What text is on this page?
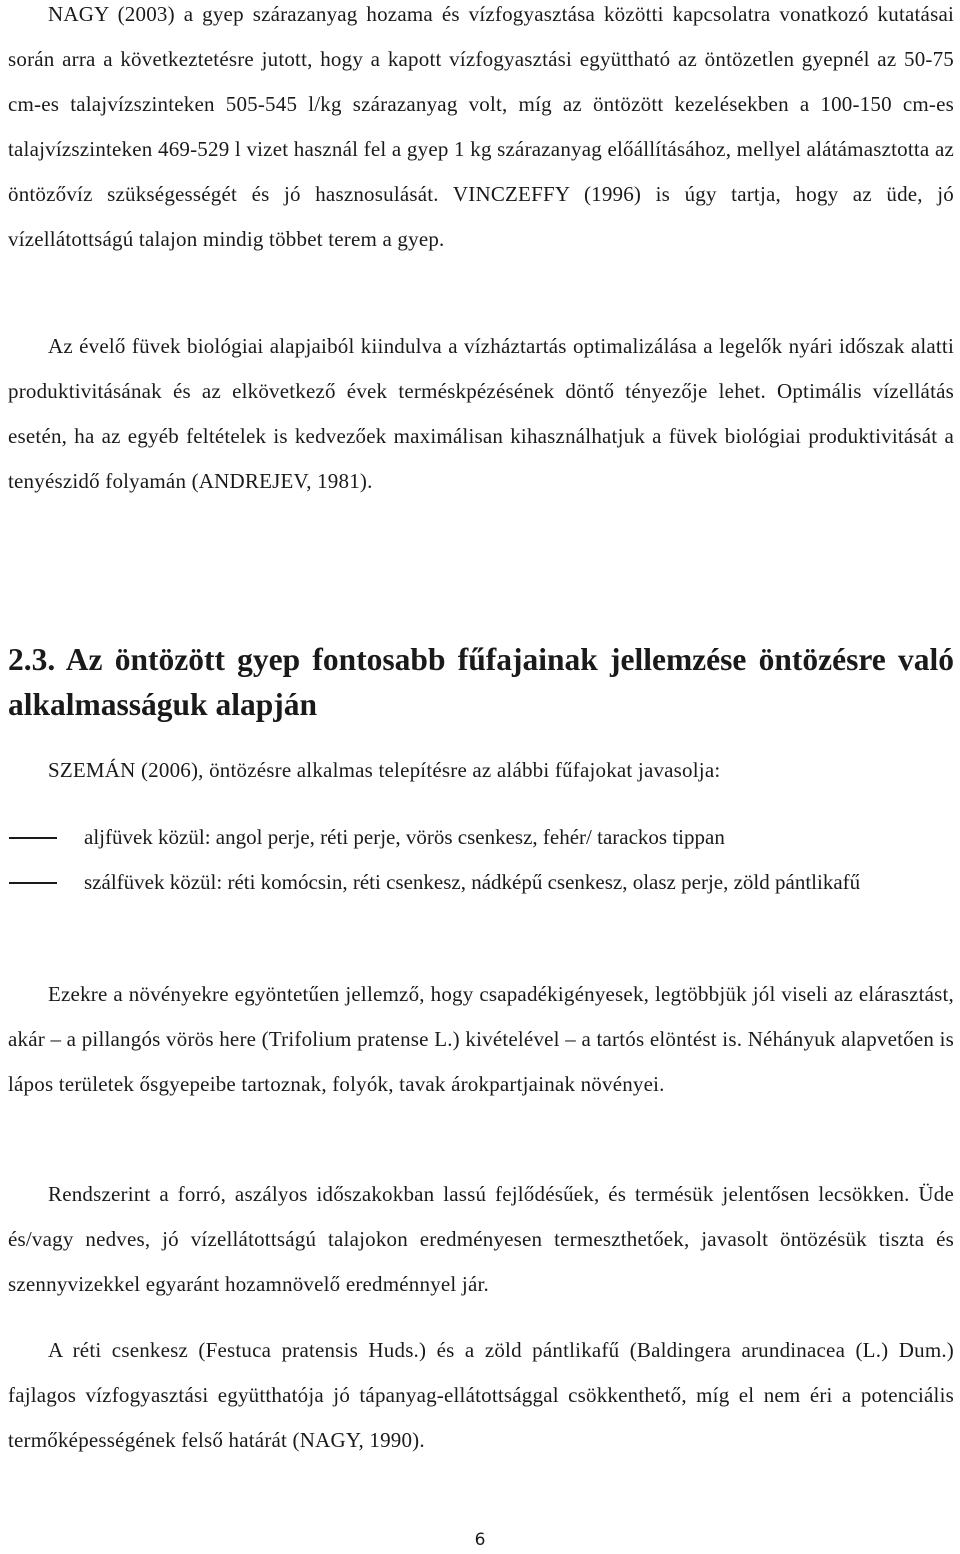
NAGY (2003) a gyep szárazanyag hozama és vízfogyasztása közötti kapcsolatra vonatkozó kutatásai során arra a következtetésre jutott, hogy a kapott vízfogyasztási együttható az öntözetlen gyepnél az 50-75 cm-es talajvízszinteken 505-545 l/kg szárazanyag volt, míg az öntözött kezelésekben a 100-150 cm-es talajvízszinteken 469-529 l vizet használ fel a gyep 1 kg szárazanyag előállításához, mellyel alátámasztotta az öntözővíz szükségességét és jó hasznosulását. VINCZEFFY (1996) is úgy tartja, hogy az üde, jó vízellátottságú talajon mindig többet terem a gyep.

Az évelő füvek biológiai alapjaiból kiindulva a vízháztartás optimalizálása a legelők nyári időszak alatti produktivitásának és az elkövetkező évek terméskpézésének döntő tényezője lehet. Optimális vízellátás esetén, ha az egyéb feltételek is kedvezőek maximálisan kihasználhatjuk a füvek biológiai produktivitását a tenyészidő folyamán (ANDREJEV, 1981).

2.3. Az öntözött gyep fontosabb fűfajainak jellemzése öntözésre való alkalmasságuk alapján

SZEMÁN (2006), öntözésre alkalmas telepítésre az alábbi fűfajokat javasolja:

aljfüvek közül: angol perje, réti perje, vörös csenkesz, fehér/ tarackos tippan
szálfüvek közül: réti komócsin, réti csenkesz, nádképű csenkesz, olasz perje, zöld pántlikafű

Ezekre a növényekre egyöntetűen jellemző, hogy csapadékigényesek, legtöbbjük jól viseli az elárasztást, akár – a pillangós vörös here (Trifolium pratense L.) kivételével – a tartós elöntést is. Néhányuk alapvetően is lápos területek ősgyepeibe tartoznak, folyók, tavak árokpartjainak növényei.

Rendszerint a forró, aszályos időszakokban lassú fejlődésűek, és termésük jelentősen lecsökken. Üde és/vagy nedves, jó vízellátottságú talajokon eredményesen termeszthetőek, javasolt öntözésük tiszta és szennyvizekkel egyaránt hozamnövelő eredménnyel jár.

A réti csenkesz (Festuca pratensis Huds.) és a zöld pántlikafű (Baldingera arundinacea (L.) Dum.) fajlagos vízfogyasztási együtthatója jó tápanyag-ellátottsággal csökkenthető, míg el nem éri a potenciális termőképességének felső határát (NAGY, 1990).

6
